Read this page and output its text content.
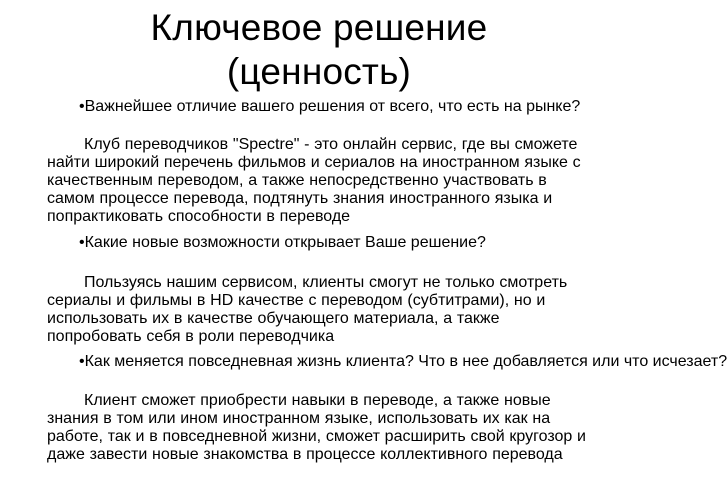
Ключевое решение
(ценность)
•Важнейшее отличие вашего решения от всего, что есть на рынке?
Клуб переводчиков "Spectre" - это онлайн сервис, где вы сможете найти широкий перечень фильмов и сериалов на иностранном языке с качественным переводом, а также непосредственно участвовать в самом процессе перевода, подтянуть знания иностранного языка и попрактиковать способности в переводе
•Какие новые возможности открывает Ваше решение?
Пользуясь нашим сервисом, клиенты смогут не только смотреть сериалы и фильмы в HD качестве с переводом (субтитрами), но и использовать их в качестве обучающего материала, а также попробовать себя в роли переводчика
•Как меняется повседневная жизнь клиента? Что в нее добавляется или что исчезает?
Клиент сможет приобрести навыки в переводе, а также новые знания в том или ином иностранном языке, использовать их как на работе, так и в повседневной жизни, сможет расширить свой кругозор и даже завести новые знакомства в процессе коллективного перевода
